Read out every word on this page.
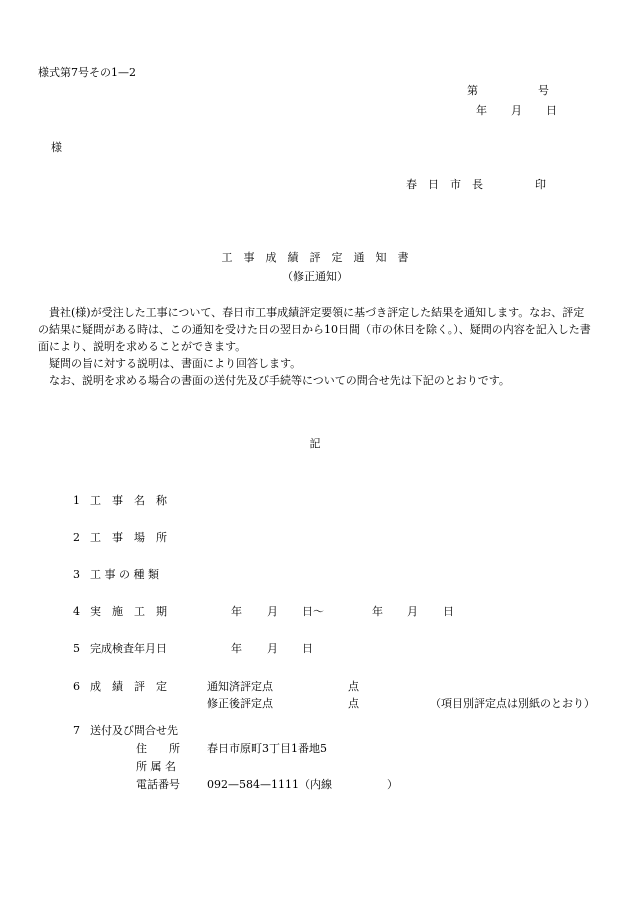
様式第7号その1—2
第	号
年 月 日
様
春　日　市　長	印
工　事　成　績　評　定　通　知　書
（修正通知）

貴社(様)が受注した工事について、春日市工事成績評定要領に基づき評定した結果を通知します。なお、評定の結果に疑問がある時は、この通知を受けた日の翌日から10日間（市の休日を除く。）、疑問の内容を記入した書面により、説明を求めることができます。

疑問の旨に対する説明は、書面により回答します。

なお、説明を求める場合の書面の送付先及び手続等についての問合せ先は下記のとおりです。

記
1 工　事　名　称
2 工　事　場　所
3 工 事 の 種 類
4 実　施　工　期	年 月 日〜	年 月 日
5 完成検査年月日	年 月 日
6 成　績　評　定	通知済評定点	点
修正後評定点	点	（項目別評定点は別紙のとおり）
7 送付及び問合せ先
住　　所 春日市原町3丁目1番地5
所 属 名
電話番号 092—584—1111（内線　　　　　）
